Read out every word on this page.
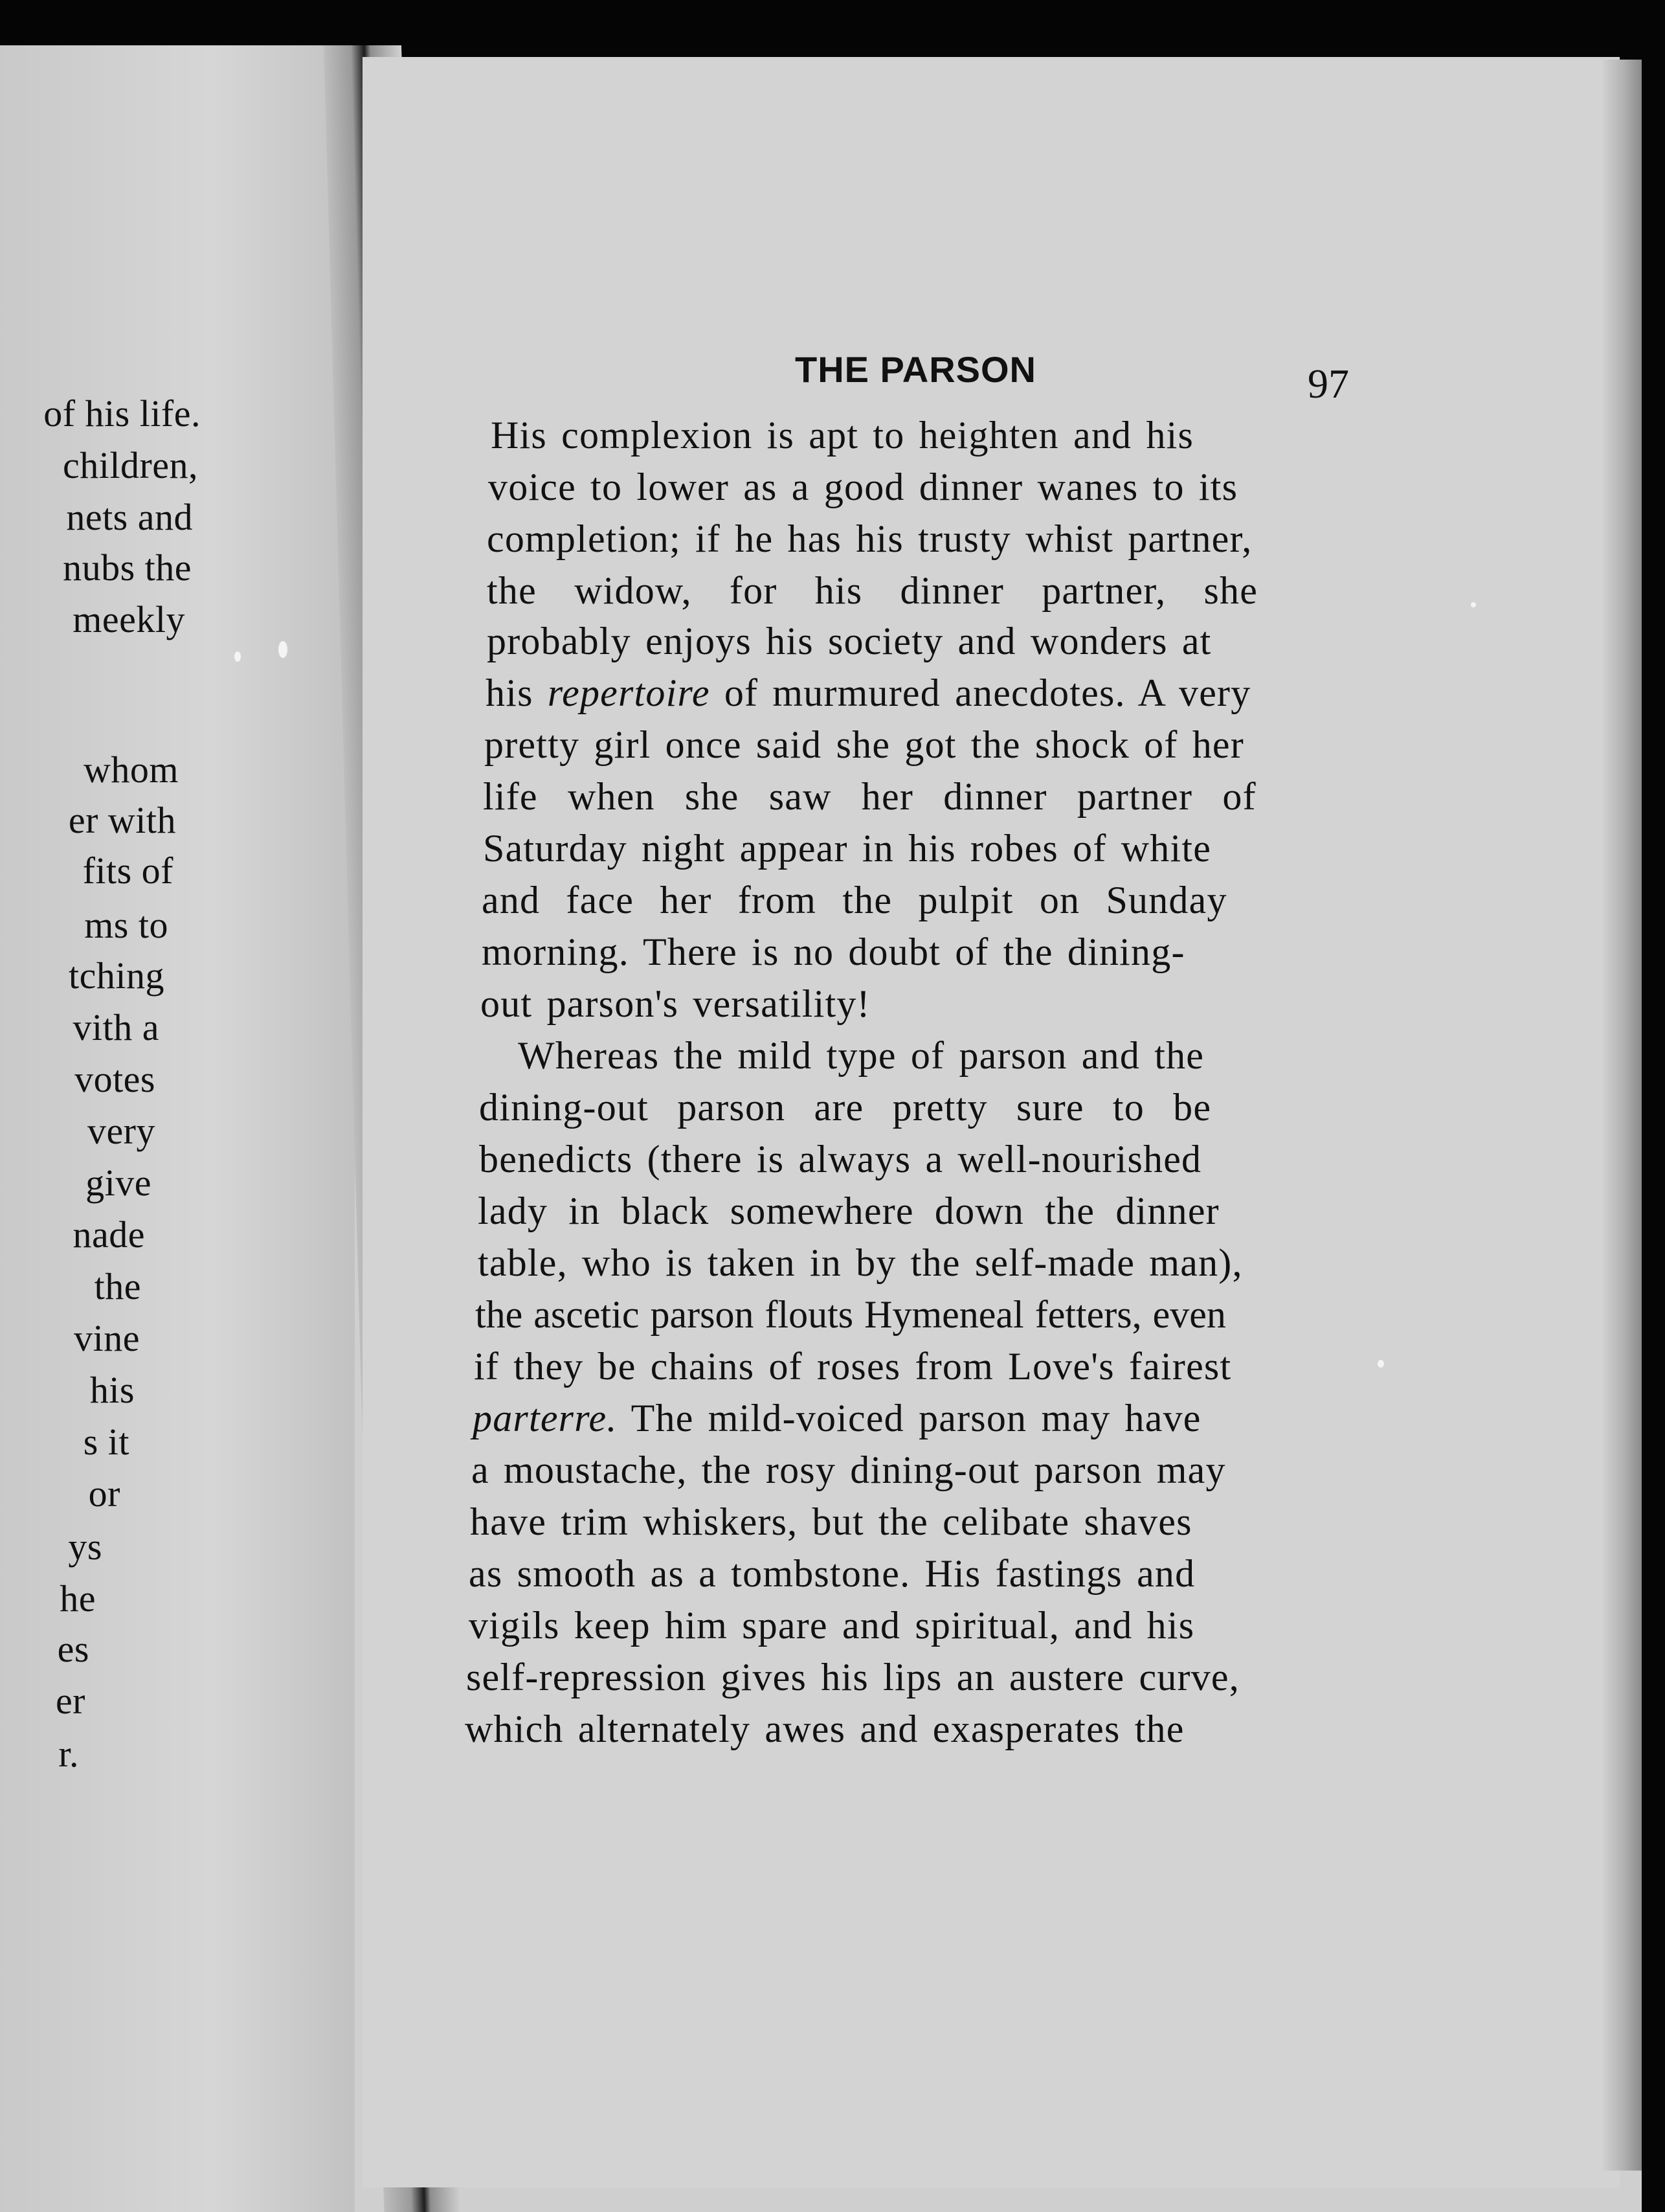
of his life.
children,
nets and
nubs the
meekly
whom
er with
fits of
ms to
tching
vith a
votes
very
give
nade
the
vine
his
s it
or
ys
he
es
er
r.
THE PARSON	97
His complexion is apt to heighten and his
voice to lower as a good dinner wanes to its
completion; if he has his trusty whist partner,
the widow, for his dinner partner, she
probably enjoys his society and wonders at
his repertoire of murmured anecdotes. A very
pretty girl once said she got the shock of her
life when she saw her dinner partner of
Saturday night appear in his robes of white
and face her from the pulpit on Sunday
morning. There is no doubt of the dining-
out parson's versatility!
Whereas the mild type of parson and the
dining-out parson are pretty sure to be
benedicts (there is always a well-nourished
lady in black somewhere down the dinner
table, who is taken in by the self-made man),
the ascetic parson flouts Hymeneal fetters, even
if they be chains of roses from Love's fairest
parterre. The mild-voiced parson may have
a moustache, the rosy dining-out parson may
have trim whiskers, but the celibate shaves
as smooth as a tombstone. His fastings and
vigils keep him spare and spiritual, and his
self-repression gives his lips an austere curve,
which alternately awes and exasperates the
